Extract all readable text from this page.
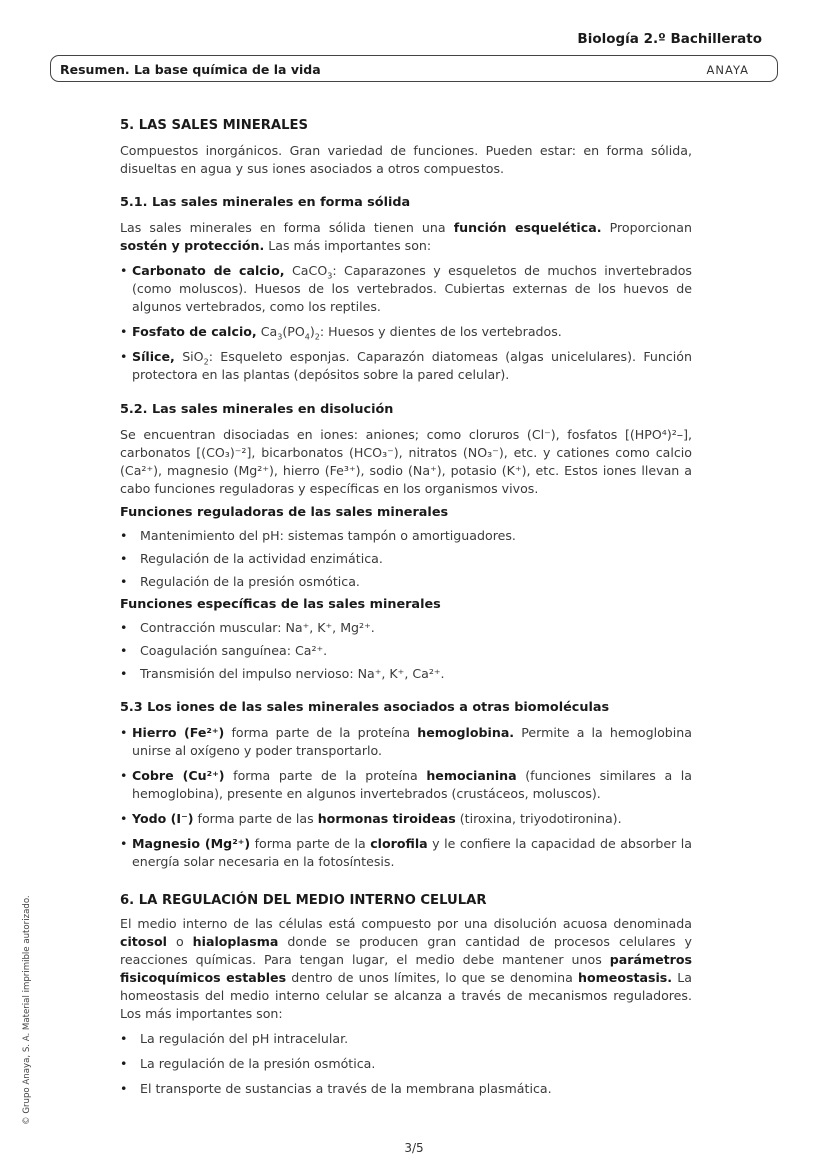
Biología 2.º Bachillerato
Resumen. La base química de la vida	ANAYA
© Grupo Anaya, S. A. Material imprimible autorizado.
5. LAS SALES MINERALES

Compuestos inorgánicos. Gran variedad de funciones. Pueden estar: en forma sólida, disueltas en agua y sus iones asociados a otros compuestos.

5.1. Las sales minerales en forma sólida

Las sales minerales en forma sólida tienen una función esquelética. Proporcionan sostén y protección. Las más importantes son:

• Carbonato de calcio, CaCO$_3$: Caparazones y esqueletos de muchos invertebrados (como moluscos). Huesos de los vertebrados. Cubiertas externas de los huevos de algunos vertebrados, como los reptiles.
• Fosfato de calcio, $Ca_3(PO_4)_2$: Huesos y dientes de los vertebrados.
• Sílice, SiO$_2$: Esqueleto esponjas. Caparazón diatomeas (algas unicelulares). Función protectora en las plantas (depósitos sobre la pared celular).
5.2. Las sales minerales en disolución

Se encuentran disociadas en iones: aniones; como cloruros (Cl⁻), fosfatos [(HPO⁴)²–], carbonatos [(CO₃)⁻²], bicarbonatos (HCO₃⁻), nitratos (NO₃⁻), etc. y cationes como calcio (Ca²⁺), magnesio (Mg²⁺), hierro (Fe³⁺), sodio (Na⁺), potasio (K⁺), etc. Estos iones llevan a cabo funciones reguladoras y específicas en los organismos vivos.

Funciones reguladoras de las sales minerales
• Mantenimiento del pH: sistemas tampón o amortiguadores.
• Regulación de la actividad enzimática.
• Regulación de la presión osmótica.
Funciones específicas de las sales minerales
• Contracción muscular: Na⁺, K⁺, Mg²⁺.
• Coagulación sanguínea: Ca²⁺.
• Transmisión del impulso nervioso: Na⁺, K⁺, Ca²⁺.
5.3 Los iones de las sales minerales asociados a otras biomoléculas
• Hierro (Fe²⁺) forma parte de la proteína hemoglobina. Permite a la hemoglobina unirse al oxígeno y poder transportarlo.
• Cobre (Cu²⁺) forma parte de la proteína hemocianina (funciones similares a la hemoglobina), presente en algunos invertebrados (crustáceos, moluscos).
• Yodo (I⁻) forma parte de las hormonas tiroideas (tiroxina, triyodotironina).
• Magnesio (Mg²⁺) forma parte de la clorofila y le confiere la capacidad de absorber la energía solar necesaria en la fotosíntesis.
6. LA REGULACIÓN DEL MEDIO INTERNO CELULAR

El medio interno de las células está compuesto por una disolución acuosa denominada citosol o hialoplasma donde se producen gran cantidad de procesos celulares y reacciones químicas. Para tengan lugar, el medio debe mantener unos parámetros fisicoquímicos estables dentro de unos límites, lo que se denomina homeostasis. La homeostasis del medio interno celular se alcanza a través de mecanismos reguladores. Los más importantes son:

• La regulación del pH intracelular.
• La regulación de la presión osmótica.
• El transporte de sustancias a través de la membrana plasmática.
3/5
